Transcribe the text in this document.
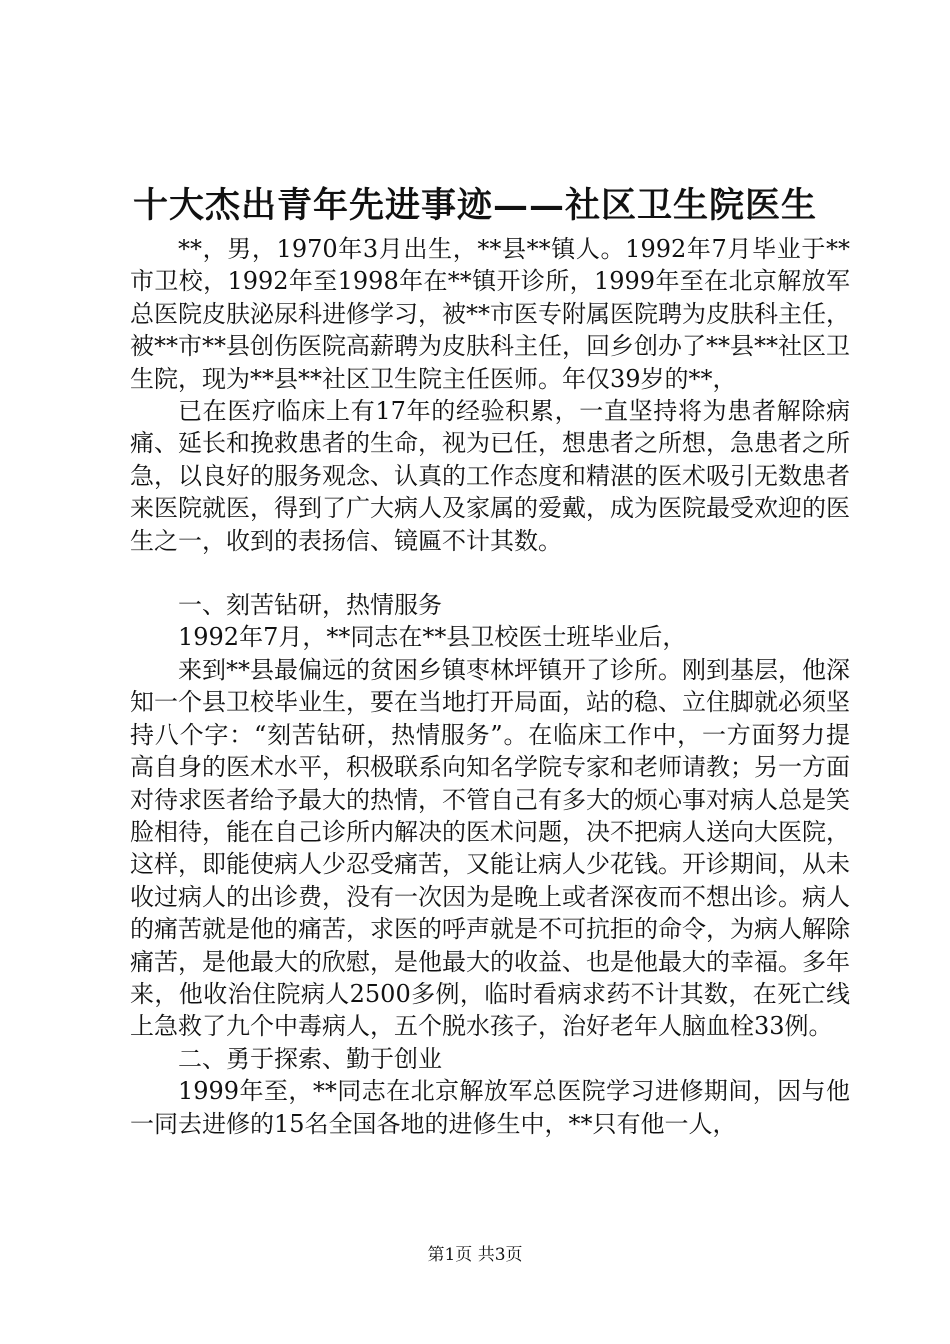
十大杰出青年先进事迹——社区卫生院医生

**，男，1970年3月出生，**县**镇人。1992年7月毕业于**市卫校，1992年至1998年在**镇开诊所，1999年至在北京解放军总医院皮肤泌尿科进修学习，被**市医专附属医院聘为皮肤科主任，被**市**县创伤医院高薪聘为皮肤科主任，回乡创办了**县**社区卫生院，现为**县**社区卫生院主任医师。年仅39岁的**，

已在医疗临床上有17年的经验积累，一直坚持将为患者解除病痛、延长和挽救患者的生命，视为已任，想患者之所想，急患者之所急，以良好的服务观念、认真的工作态度和精湛的医术吸引无数患者来医院就医，得到了广大病人及家属的爱戴，成为医院最受欢迎的医生之一，收到的表扬信、镜匾不计其数。

一、刻苦钻研，热情服务

1992年7月，**同志在**县卫校医士班毕业后，

来到**县最偏远的贫困乡镇枣林坪镇开了诊所。刚到基层，他深知一个县卫校毕业生，要在当地打开局面，站的稳、立住脚就必须坚持八个字：“刻苦钻研，热情服务”。在临床工作中，一方面努力提高自身的医术水平，积极联系向知名学院专家和老师请教；另一方面对待求医者给予最大的热情，不管自己有多大的烦心事对病人总是笑脸相待，能在自己诊所内解决的医术问题，决不把病人送向大医院，这样，即能使病人少忍受痛苦，又能让病人少花钱。开诊期间，从未收过病人的出诊费，没有一次因为是晚上或者深夜而不想出诊。病人的痛苦就是他的痛苦，求医的呼声就是不可抗拒的命令，为病人解除痛苦，是他最大的欣慰，是他最大的收益、也是他最大的幸福。多年来，他收治住院病人2500多例，临时看病求药不计其数，在死亡线上急救了九个中毒病人，五个脱水孩子，治好老年人脑血栓33例。

二、勇于探索、勤于创业

1999年至，**同志在北京解放军总医院学习进修期间，因与他一同去进修的15名全国各地的进修生中，**只有他一人，

第1页 共3页
